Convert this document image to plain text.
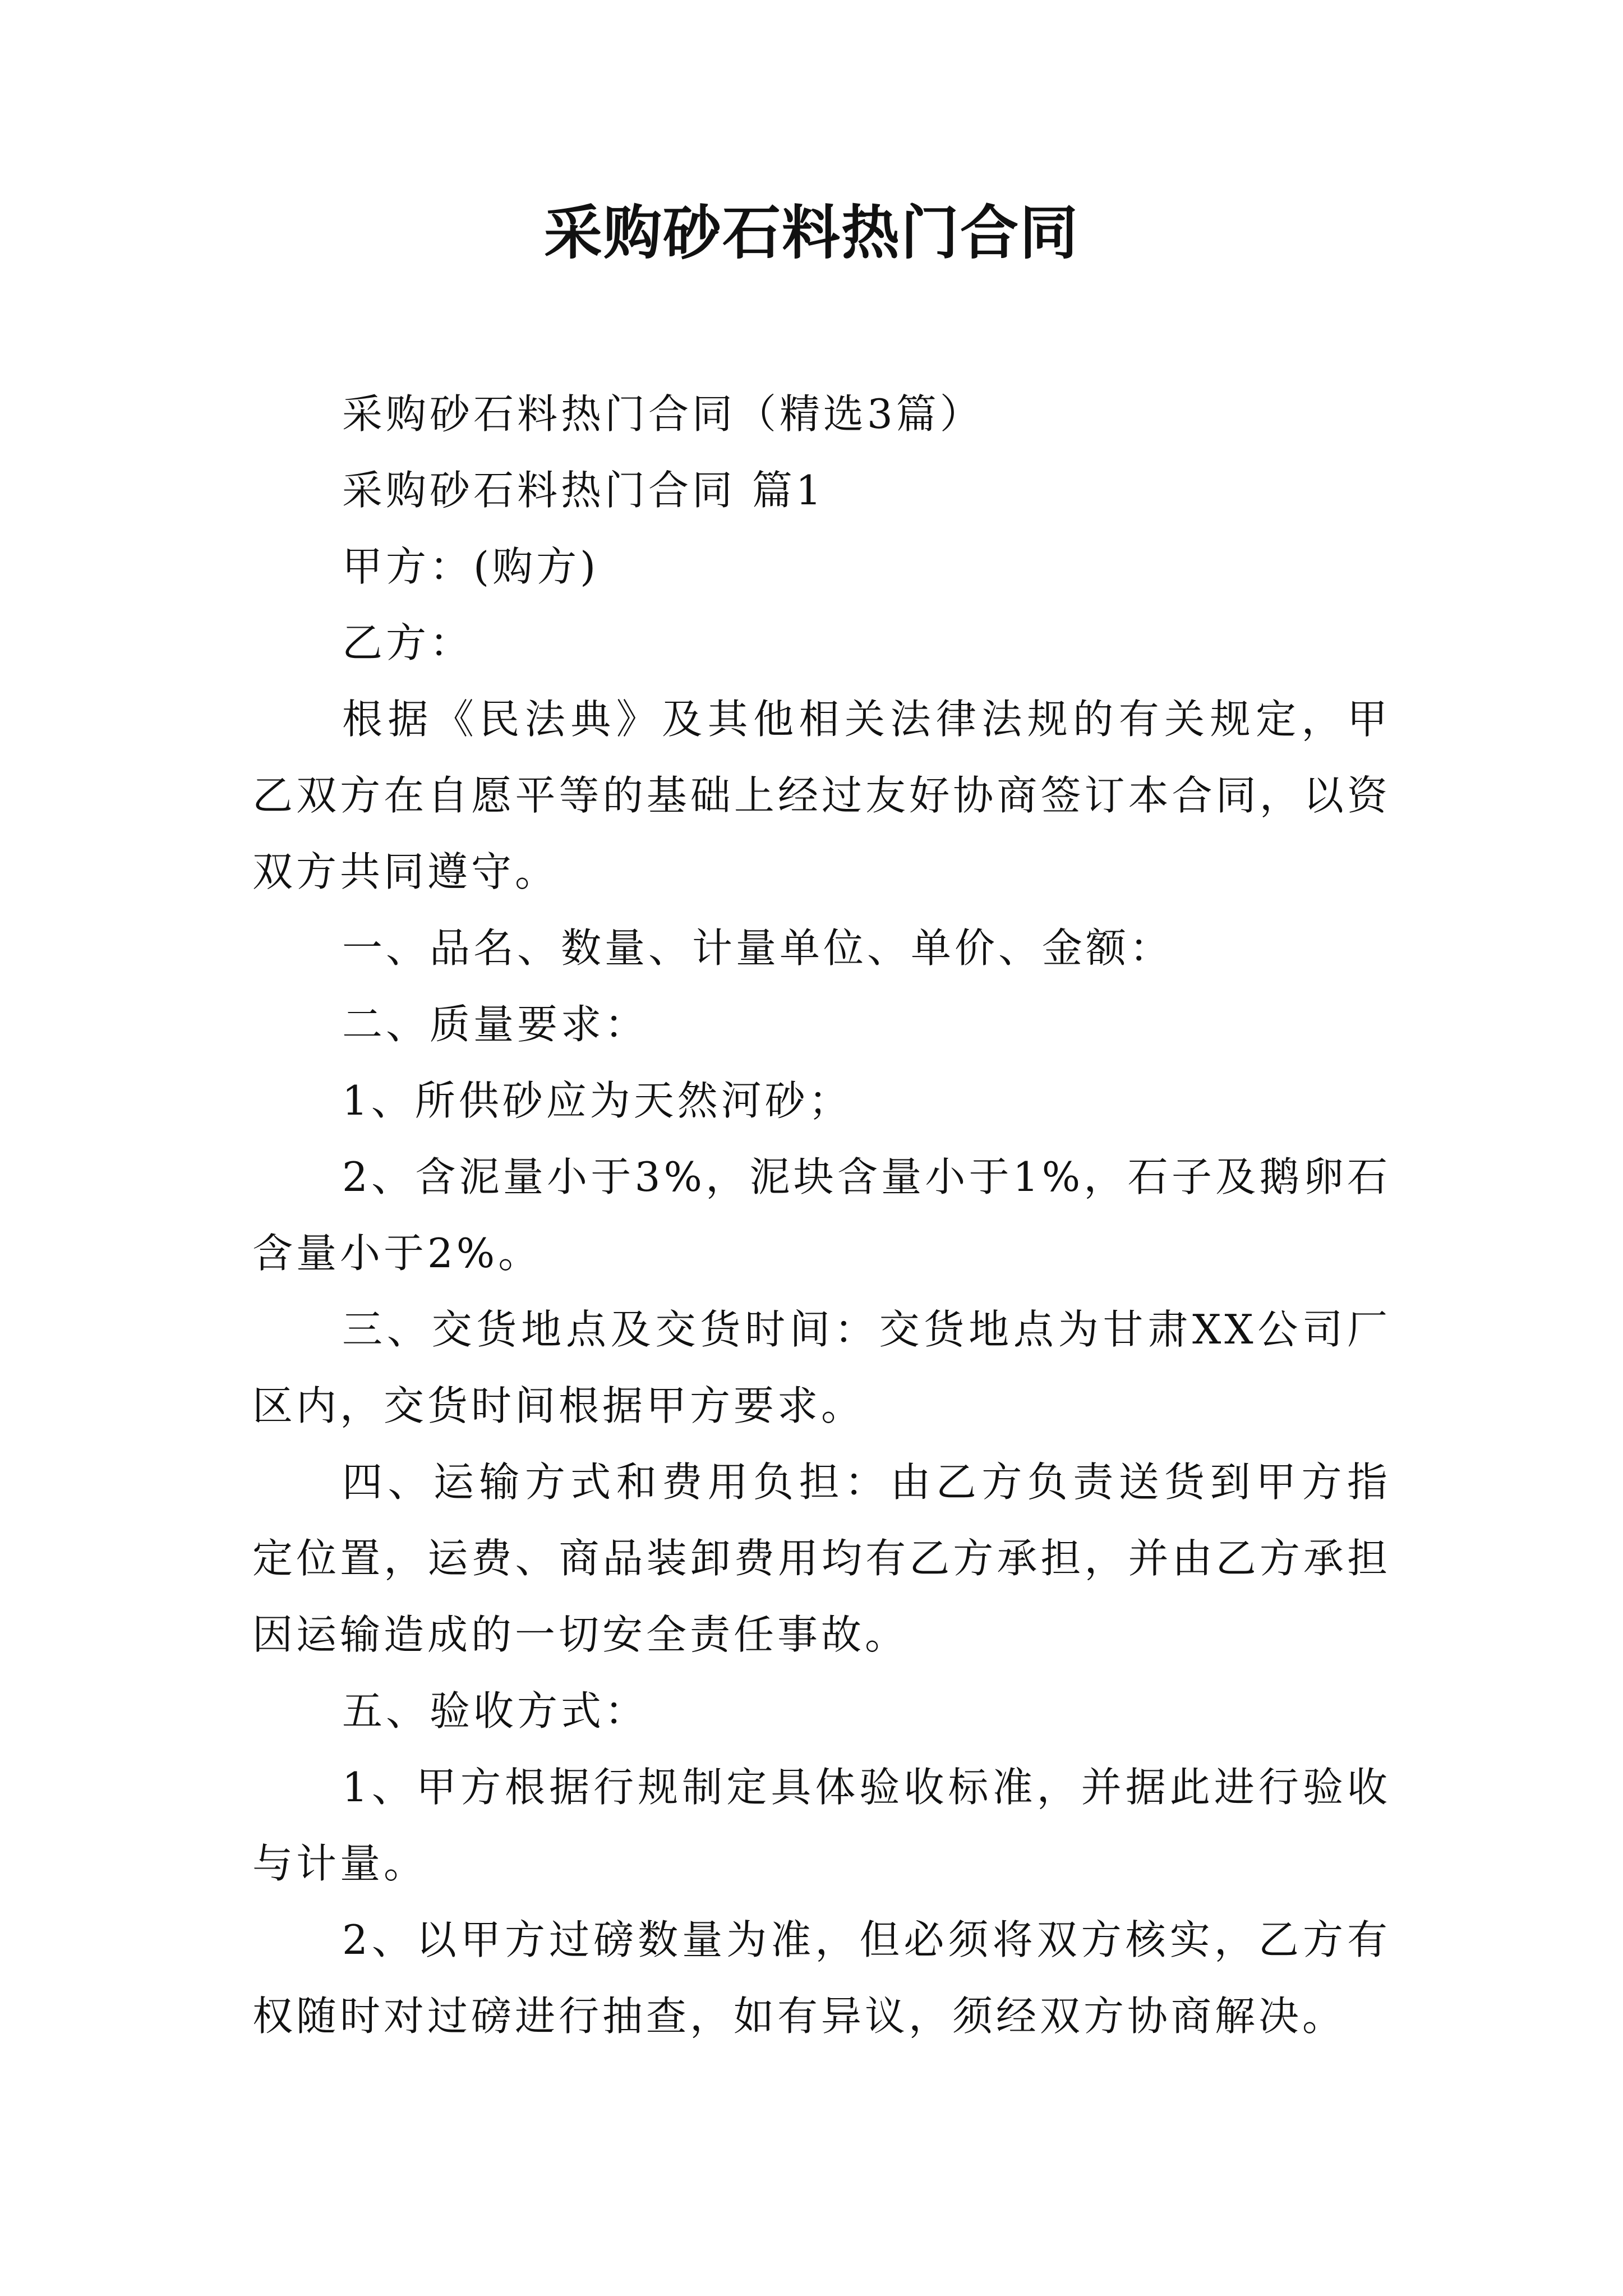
采购砂石料热门合同

采购砂石料热门合同（精选3篇）

采购砂石料热门合同 篇1

甲方：(购方)

乙方：

根据《民法典》及其他相关法律法规的有关规定，甲乙双方在自愿平等的基础上经过友好协商签订本合同，以资双方共同遵守。

一、品名、数量、计量单位、单价、金额：

二、质量要求：

1、所供砂应为天然河砂；

2、含泥量小于3%，泥块含量小于1%，石子及鹅卵石含量小于2%。

三、交货地点及交货时间：交货地点为甘肃XX公司厂区内，交货时间根据甲方要求。

四、运输方式和费用负担：由乙方负责送货到甲方指定位置，运费、商品装卸费用均有乙方承担，并由乙方承担因运输造成的一切安全责任事故。

五、验收方式：

1、甲方根据行规制定具体验收标准，并据此进行验收与计量。

2、以甲方过磅数量为准，但必须将双方核实，乙方有权随时对过磅进行抽查，如有异议，须经双方协商解决。
